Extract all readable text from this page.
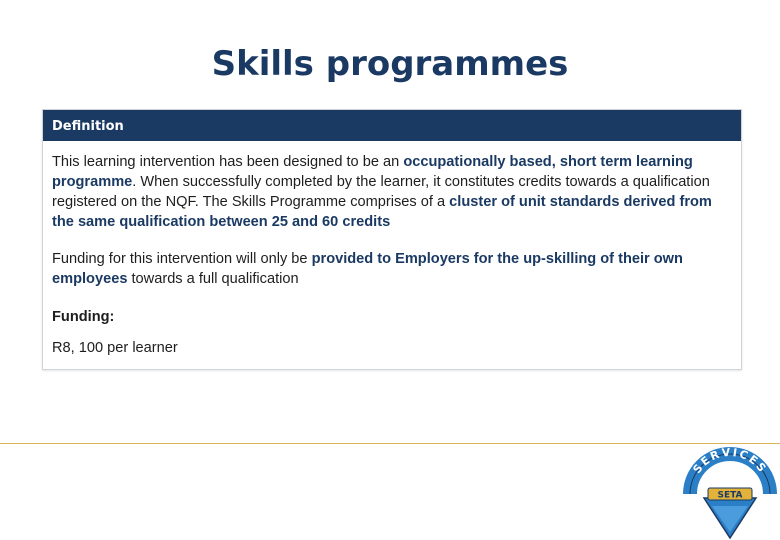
Skills programmes
Definition

This learning intervention has been designed to be an occupationally based, short term learning programme. When successfully completed by the learner, it constitutes credits towards a qualification registered on the NQF. The Skills Programme comprises of a cluster of unit standards derived from the same qualification between 25 and 60 credits

Funding for this intervention will only be provided to Employers for the up-skilling of their own employees towards a full qualification

Funding:

R8, 100 per learner

SERVICES
SETA
